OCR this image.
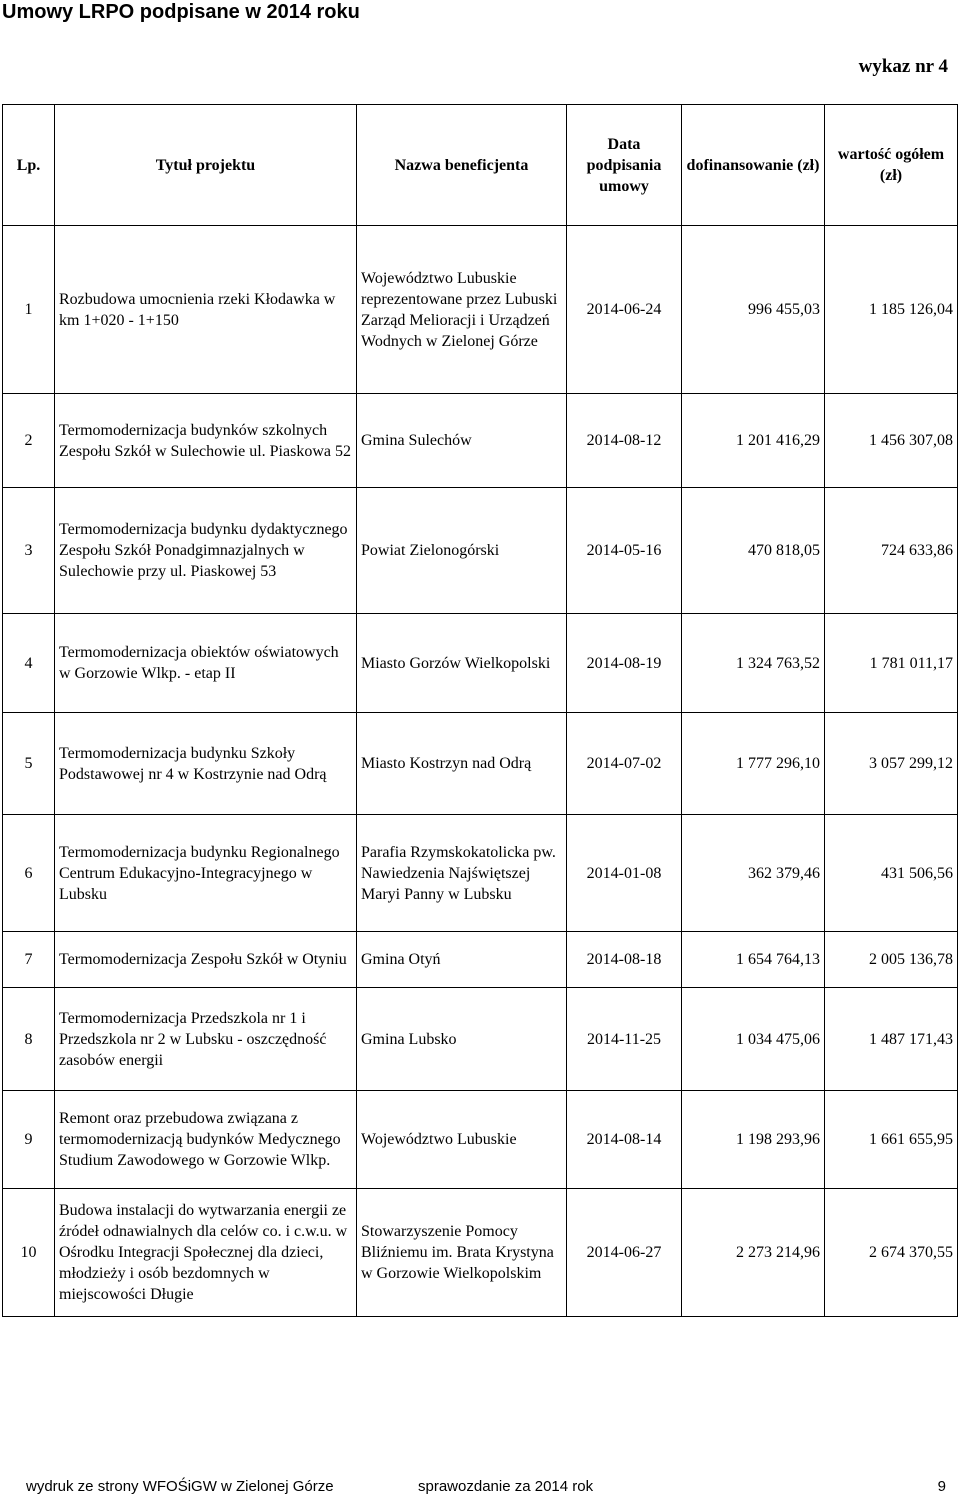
Umowy LRPO podpisane w 2014 roku
wykaz nr 4
Lp.	Tytuł projektu	Nazwa beneficjenta	Data podpisania umowy	dofinansowanie (zł)	wartość ogółem (zł)
1	Rozbudowa umocnienia rzeki Kłodawka w km 1+020 - 1+150	Województwo Lubuskie reprezentowane przez Lubuski Zarząd Melioracji i Urządzeń Wodnych w Zielonej Górze	2014-06-24	996 455,03	1 185 126,04
2	Termomodernizacja budynków szkolnych Zespołu Szkół w Sulechowie ul. Piaskowa 52	Gmina Sulechów	2014-08-12	1 201 416,29	1 456 307,08
3	Termomodernizacja budynku dydaktycznego Zespołu Szkół Ponadgimnazjalnych w Sulechowie przy ul. Piaskowej 53	Powiat Zielonogórski	2014-05-16	470 818,05	724 633,86
4	Termomodernizacja obiektów oświatowych w Gorzowie Wlkp. - etap II	Miasto Gorzów Wielkopolski	2014-08-19	1 324 763,52	1 781 011,17
5	Termomodernizacja budynku Szkoły Podstawowej nr 4 w Kostrzynie nad Odrą	Miasto Kostrzyn nad Odrą	2014-07-02	1 777 296,10	3 057 299,12
6	Termomodernizacja budynku Regionalnego Centrum Edukacyjno-Integracyjnego w Lubsku	Parafia Rzymskokatolicka pw. Nawiedzenia Najświętszej Maryi Panny w Lubsku	2014-01-08	362 379,46	431 506,56
7	Termomodernizacja Zespołu Szkół w Otyniu	Gmina Otyń	2014-08-18	1 654 764,13	2 005 136,78
8	Termomodernizacja Przedszkola nr 1 i Przedszkola nr 2 w Lubsku - oszczędność zasobów energii	Gmina Lubsko	2014-11-25	1 034 475,06	1 487 171,43
9	Remont oraz przebudowa związana z termomodernizacją budynków Medycznego Studium Zawodowego w Gorzowie Wlkp.	Województwo Lubuskie	2014-08-14	1 198 293,96	1 661 655,95
10	Budowa instalacji do wytwarzania energii ze źródeł odnawialnych dla celów co. i c.w.u. w Ośrodku Integracji Społecznej dla dzieci, młodzieży i osób bezdomnych w miejscowości Długie	Stowarzyszenie Pomocy Bliźniemu im. Brata Krystyna w Gorzowie Wielkopolskim	2014-06-27	2 273 214,96	2 674 370,55
wydruk ze strony WFOŚiGW w Zielonej Górze	sprawozdanie za 2014 rok	9
